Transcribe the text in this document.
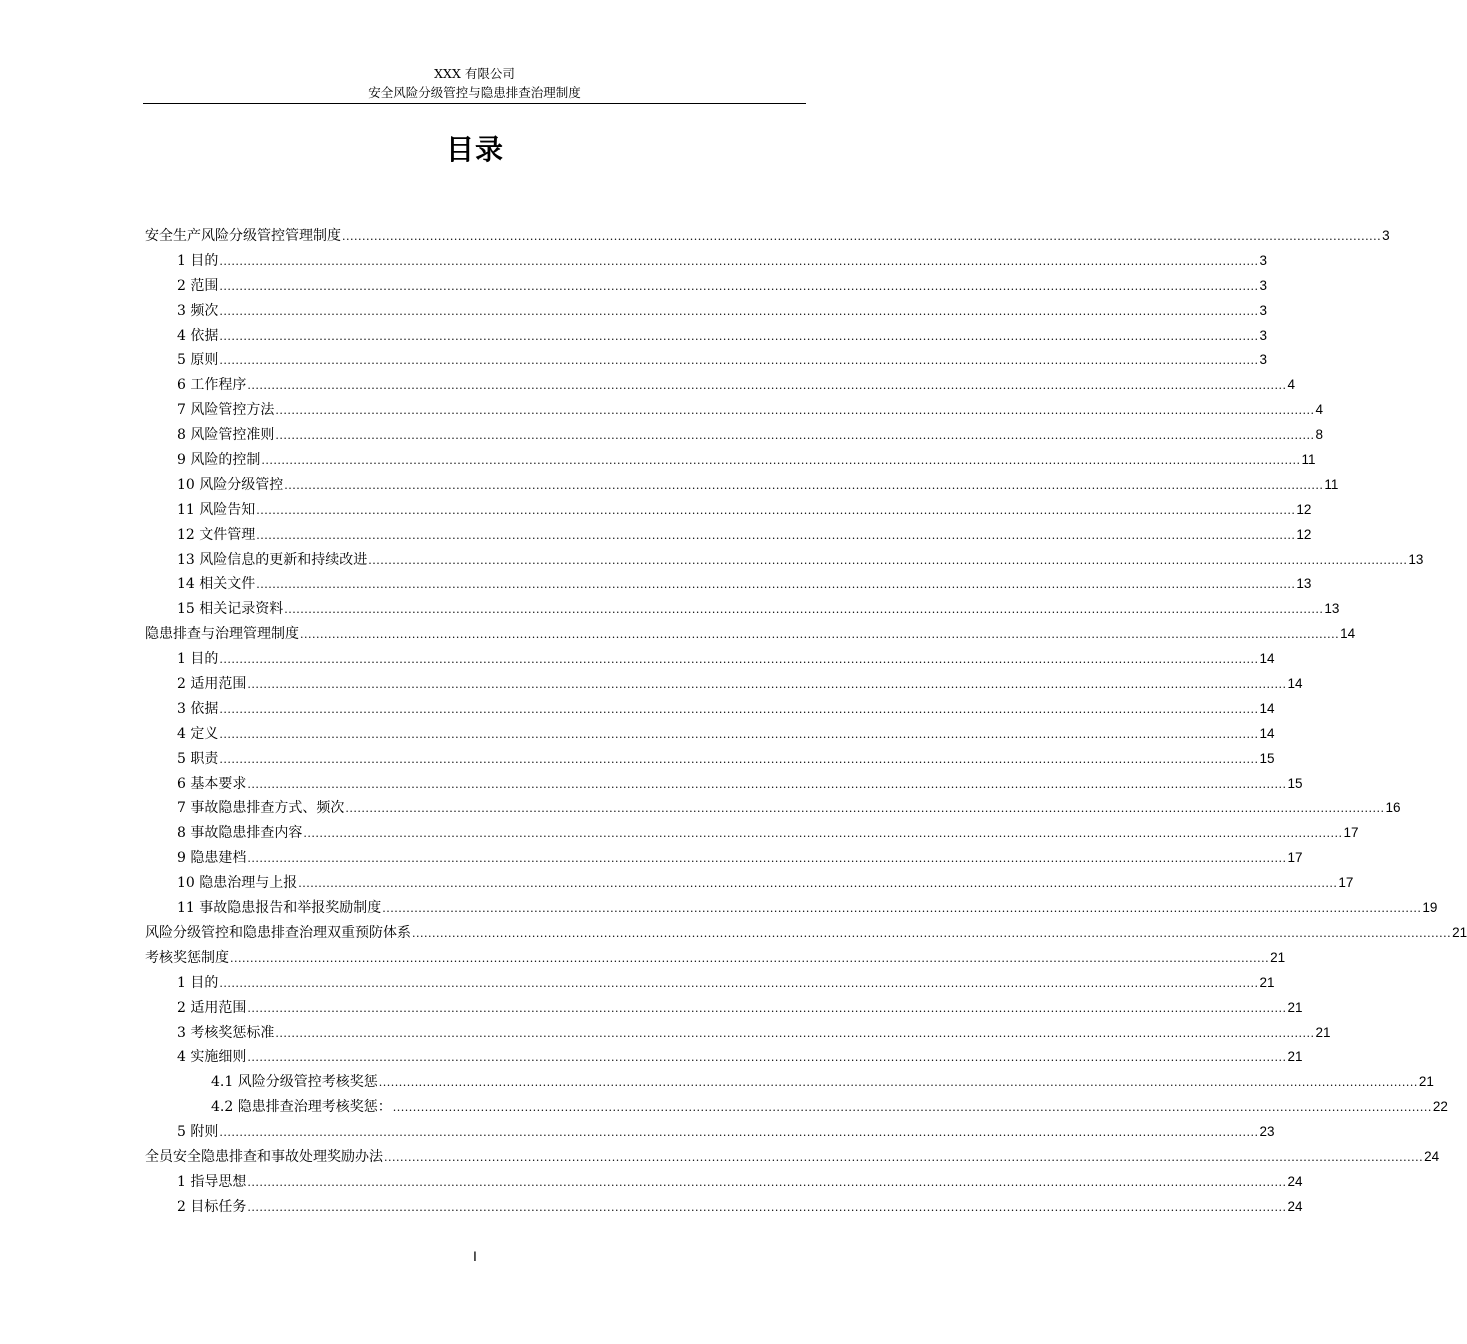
XXX 有限公司
安全风险分级管控与隐患排查治理制度
目录
安全生产风险分级管控管理制度 .................................................................................................................................................................................................................................................................... 3
1 目的 .................................................................................................................................................................................................................................................................... 3
2 范围 .................................................................................................................................................................................................................................................................... 3
3 频次 .................................................................................................................................................................................................................................................................... 3
4 依据 .................................................................................................................................................................................................................................................................... 3
5 原则 .................................................................................................................................................................................................................................................................... 3
6 工作程序 .................................................................................................................................................................................................................................................................... 4
7 风险管控方法 .................................................................................................................................................................................................................................................................... 4
8 风险管控准则 .................................................................................................................................................................................................................................................................... 8
9 风险的控制 .................................................................................................................................................................................................................................................................... 11
10 风险分级管控 .................................................................................................................................................................................................................................................................... 11
11 风险告知 .................................................................................................................................................................................................................................................................... 12
12 文件管理 .................................................................................................................................................................................................................................................................... 12
13 风险信息的更新和持续改进 .................................................................................................................................................................................................................................................................... 13
14 相关文件 .................................................................................................................................................................................................................................................................... 13
15 相关记录资料 .................................................................................................................................................................................................................................................................... 13
隐患排查与治理管理制度 .................................................................................................................................................................................................................................................................... 14
1 目的 .................................................................................................................................................................................................................................................................... 14
2 适用范围 .................................................................................................................................................................................................................................................................... 14
3 依据 .................................................................................................................................................................................................................................................................... 14
4 定义 .................................................................................................................................................................................................................................................................... 14
5 职责 .................................................................................................................................................................................................................................................................... 15
6 基本要求 .................................................................................................................................................................................................................................................................... 15
7 事故隐患排查方式、频次 .................................................................................................................................................................................................................................................................... 16
8 事故隐患排查内容 .................................................................................................................................................................................................................................................................... 17
9 隐患建档 .................................................................................................................................................................................................................................................................... 17
10 隐患治理与上报 .................................................................................................................................................................................................................................................................... 17
11 事故隐患报告和举报奖励制度 .................................................................................................................................................................................................................................................................... 19
风险分级管控和隐患排查治理双重预防体系 .................................................................................................................................................................................................................................................................... 21
考核奖惩制度 .................................................................................................................................................................................................................................................................... 21
1 目的 .................................................................................................................................................................................................................................................................... 21
2 适用范围 .................................................................................................................................................................................................................................................................... 21
3 考核奖惩标准 .................................................................................................................................................................................................................................................................... 21
4 实施细则 .................................................................................................................................................................................................................................................................... 21
4.1 风险分级管控考核奖惩 .................................................................................................................................................................................................................................................................... 21
4.2 隐患排查治理考核奖惩： .................................................................................................................................................................................................................................................................... 22
5 附则 .................................................................................................................................................................................................................................................................... 23
全员安全隐患排查和事故处理奖励办法 .................................................................................................................................................................................................................................................................... 24
1 指导思想 .................................................................................................................................................................................................................................................................... 24
2 目标任务 .................................................................................................................................................................................................................................................................... 24
I
